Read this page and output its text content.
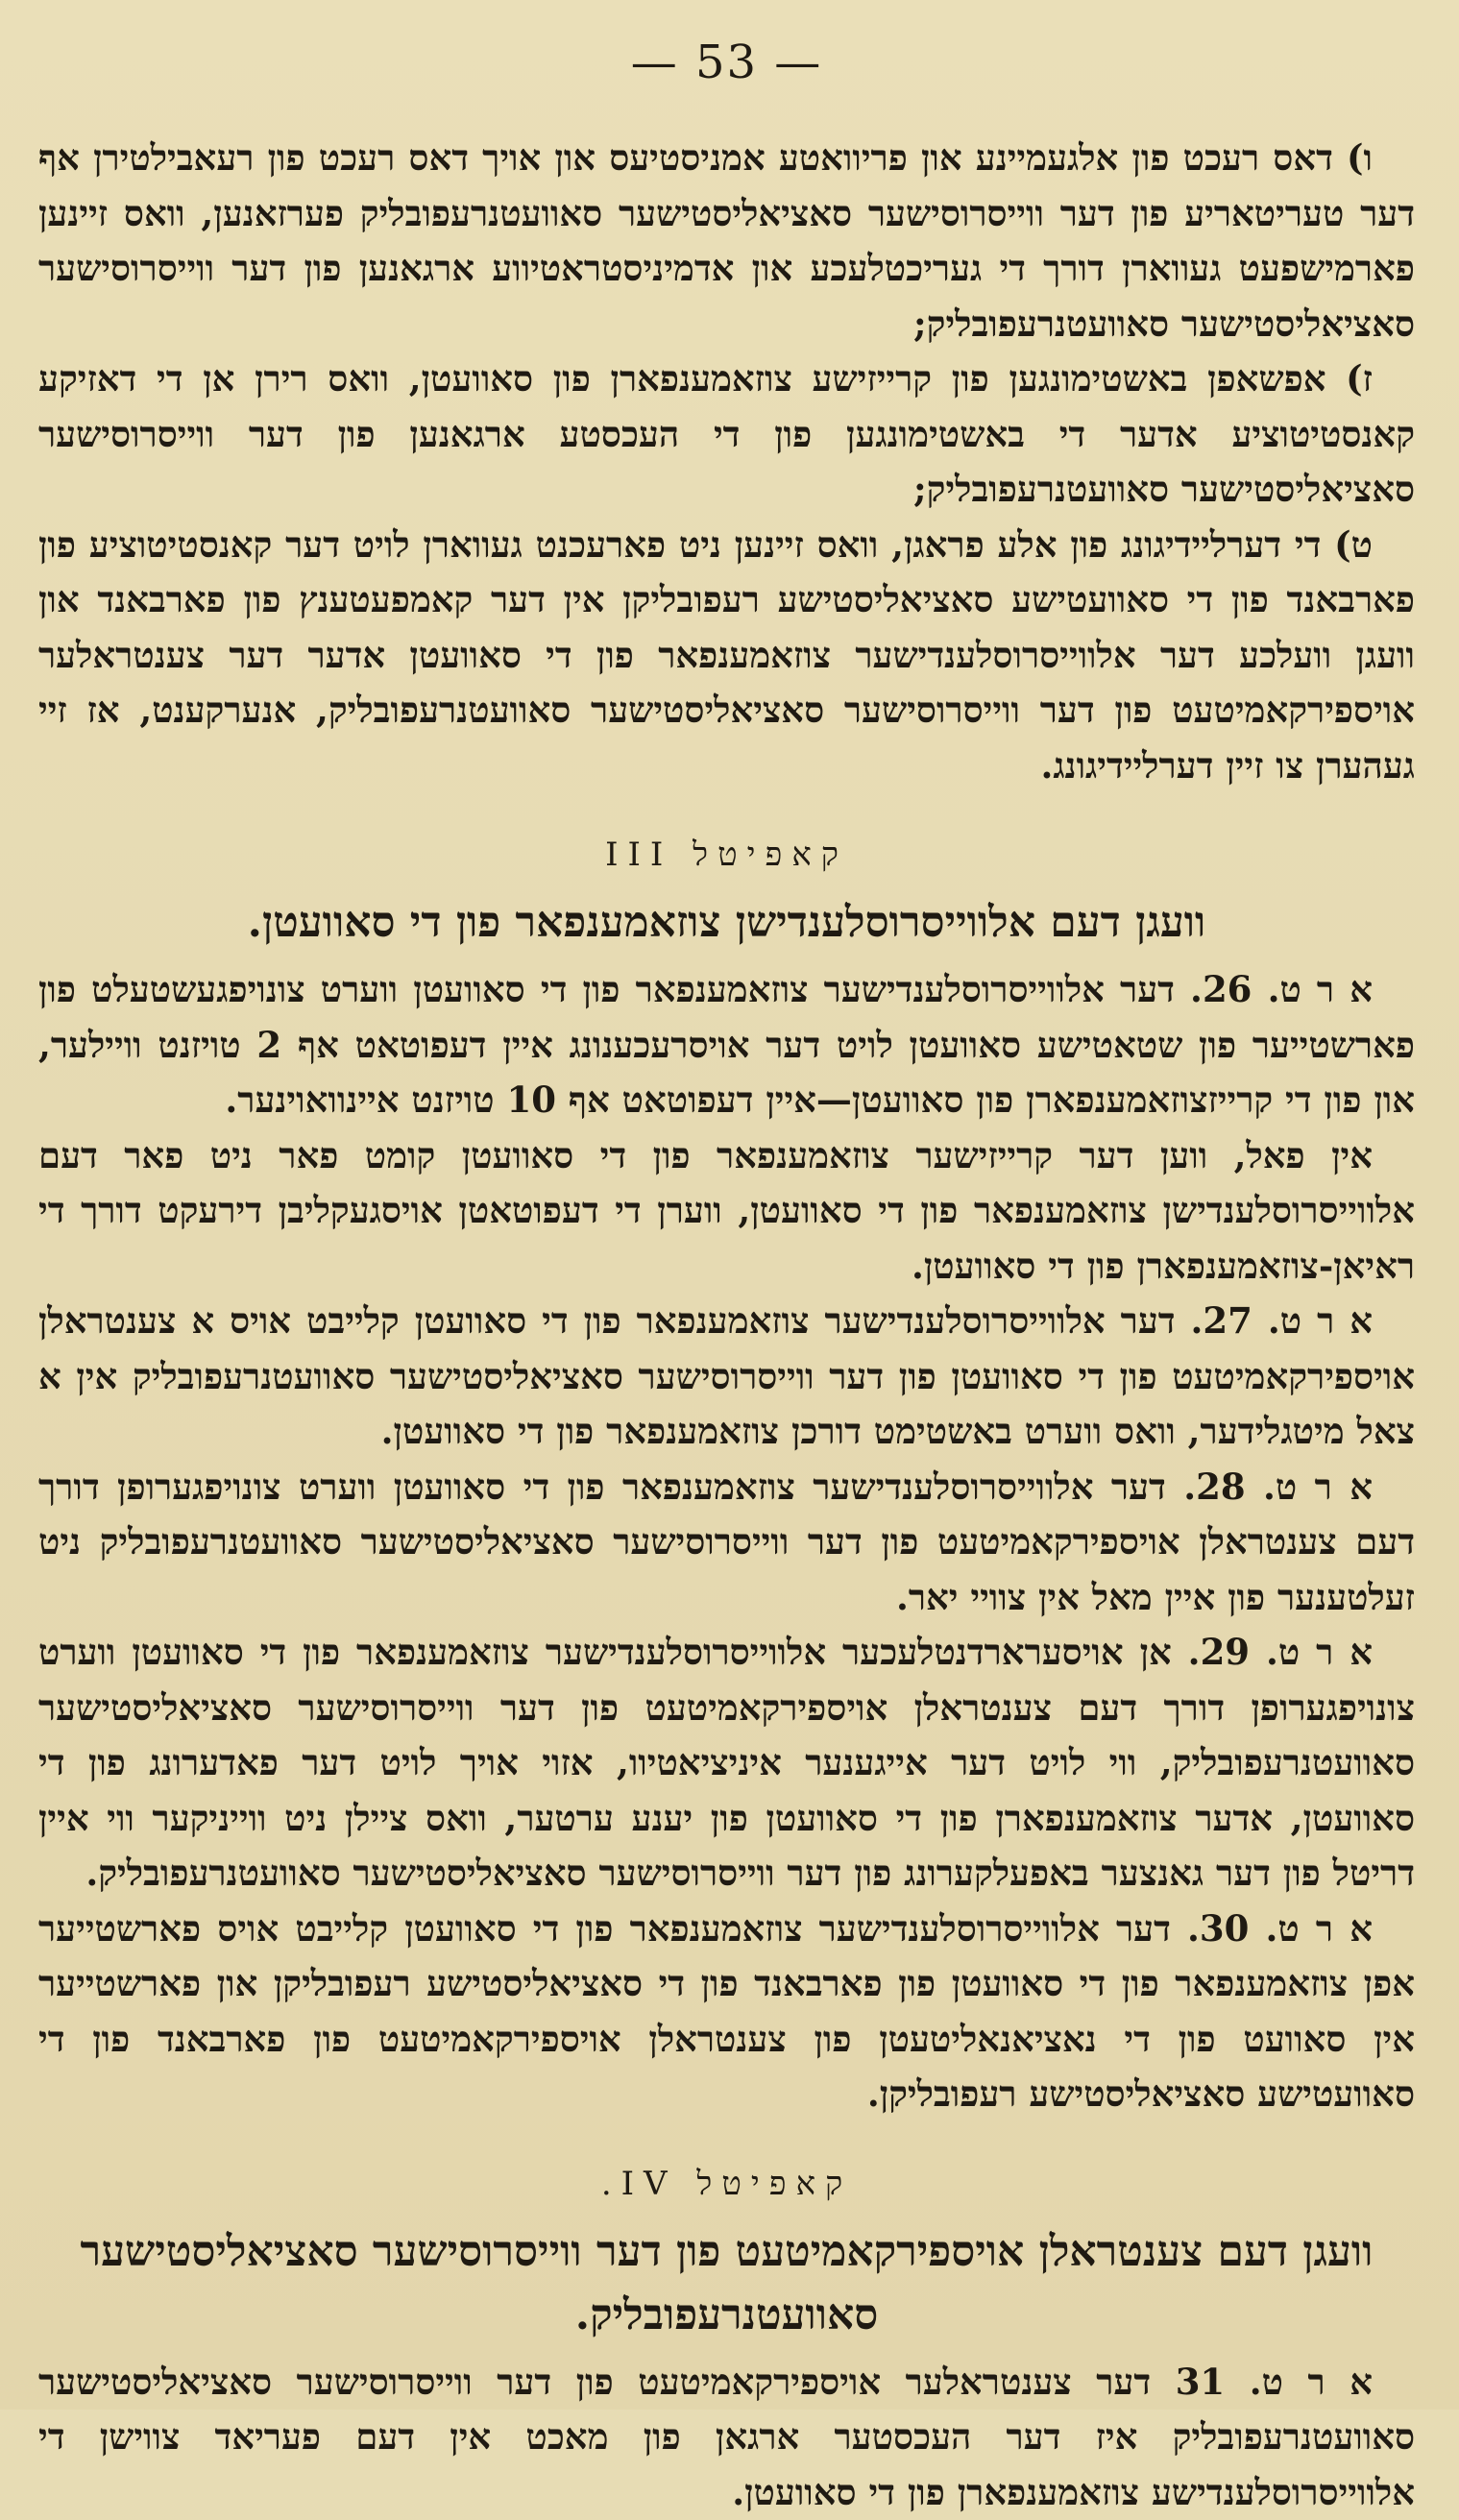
— 53 —

ו) דאס רעכט פון אלגעמיינע און פריוואטע אמניסטיעס און אויך דאס רעכט פון רעאבילטירן אף דער טעריטאריע פון דער ווייסרוסישער סאציאליסטישער סאוועטנרעפובליק פערזאנען, וואס זיינען פארמישפעט געווארן דורך די געריכטלעכע און אדמיניסטראטיווע ארגאנען פון דער ווייסרוסישער סאציאליסטישער סאוועטנרעפובליק;

ז) אפשאפן באשטימונגען פון קרייזישע צוזאמענפארן פון סאוועטן, וואס רירן אן די דאזיקע קאנסטיטוציע אדער די באשטימונגען פון די העכסטע ארגאנען פון דער ווייסרוסישער סאציאליסטישער סאוועטנרעפובליק;

ט) די דערליידיגונג פון אלע פראגן, וואס זיינען ניט פארעכנט געווארן לויט דער קאנסטיטוציע פון פארבאנד פון די סאוועטישע סאציאליסטישע רעפובליקן אין דער קאמפעטענץ פון פארבאנד און וועגן וועלכע דער אלווייסרוסלענדישער צוזאמענפאר פון די סאוועטן אדער דער צענטראלער אויספירקאמיטעט פון דער ווייסרוסישער סאציאליסטישער סאוועטנרעפובליק, אנערקענט, אז זיי געהערן צו זיין דערליידיגונג.

קאפיטל III
וועגן דעם אלווייסרוסלענדישן צוזאמענפאר פון די סאוועטן.

א ר ט. 26. דער אלווייסרוסלענדישער צוזאמענפאר פון די סאוועטן ווערט צונויפגעשטעלט פון פארשטייער פון שטאטישע סאוועטן לויט דער אויסרעכענונג איין דעפוטאט אף 2 טויזנט וויילער, און פון די קרייזצוזאמענפארן פון סאוועטן—איין דעפוטאט אף 10 טויזנט איינוואוינער.

אין פאל, ווען דער קרייזישער צוזאמענפאר פון די סאוועטן קומט פאר ניט פאר דעם אלווייסרוסלענדישן צוזאמענפאר פון די סאוועטן, ווערן די דעפוטאטן אויסגעקליבן דירעקט דורך די ראיאן-צוזאמענפארן פון די סאוועטן.

א ר ט. 27. דער אלווייסרוסלענדישער צוזאמענפאר פון די סאוועטן קלייבט אויס א צענטראלן אויספירקאמיטעט פון די סאוועטן פון דער ווייסרוסישער סאציאליסטישער סאוועטנרעפובליק אין א צאל מיטגלידער, וואס ווערט באשטימט דורכן צוזאמענפאר פון די סאוועטן.

א ר ט. 28. דער אלווייסרוסלענדישער צוזאמענפאר פון די סאוועטן ווערט צונויפגערופן דורך דעם צענטראלן אויספירקאמיטעט פון דער ווייסרוסישער סאציאליסטישער סאוועטנרעפובליק ניט זעלטענער פון איין מאל אין צוויי יאר.

א ר ט. 29. אן אויסערארדנטלעכער אלווייסרוסלענדישער צוזאמענפאר פון די סאוועטן ווערט צונויפגערופן דורך דעם צענטראלן אויספירקאמיטעט פון דער ווייסרוסישער סאציאליסטישער סאוועטנרעפובליק, ווי לויט דער אייגענער איניציאטיוו, אזוי אויך לויט דער פאדערונג פון די סאוועטן, אדער צוזאמענפארן פון די סאוועטן פון יענע ערטער, וואס ציילן ניט ווייניקער ווי איין דריטל פון דער גאנצער באפעלקערונג פון דער ווייסרוסישער סאציאליסטישער סאוועטנרעפובליק.

א ר ט. 30. דער אלווייסרוסלענדישער צוזאמענפאר פון די סאוועטן קלייבט אויס פארשטייער אפן צוזאמענפאר פון די סאוועטן פון פארבאנד פון די סאציאליסטישע רעפובליקן און פארשטייער אין סאוועט פון די נאציאנאליטעטן פון צענטראלן אויספירקאמיטעט פון פארבאנד פון די סאוועטישע סאציאליסטישע רעפובליקן.

קאפיטל IV.
וועגן דעם צענטראלן אויספירקאמיטעט פון דער ווייסרוסישער סאציאליסטישער סאוועטנרעפובליק.

א ר ט. 31 דער צענטראלער אויספירקאמיטעט פון דער ווייסרוסישער סאציאליסטישער סאוועטנרעפובליק איז דער העכסטער ארגאן פון מאכט אין דעם פעריאד צווישן די אלווייסרוסלענדישע צוזאמענפארן פון די סאוועטן.
